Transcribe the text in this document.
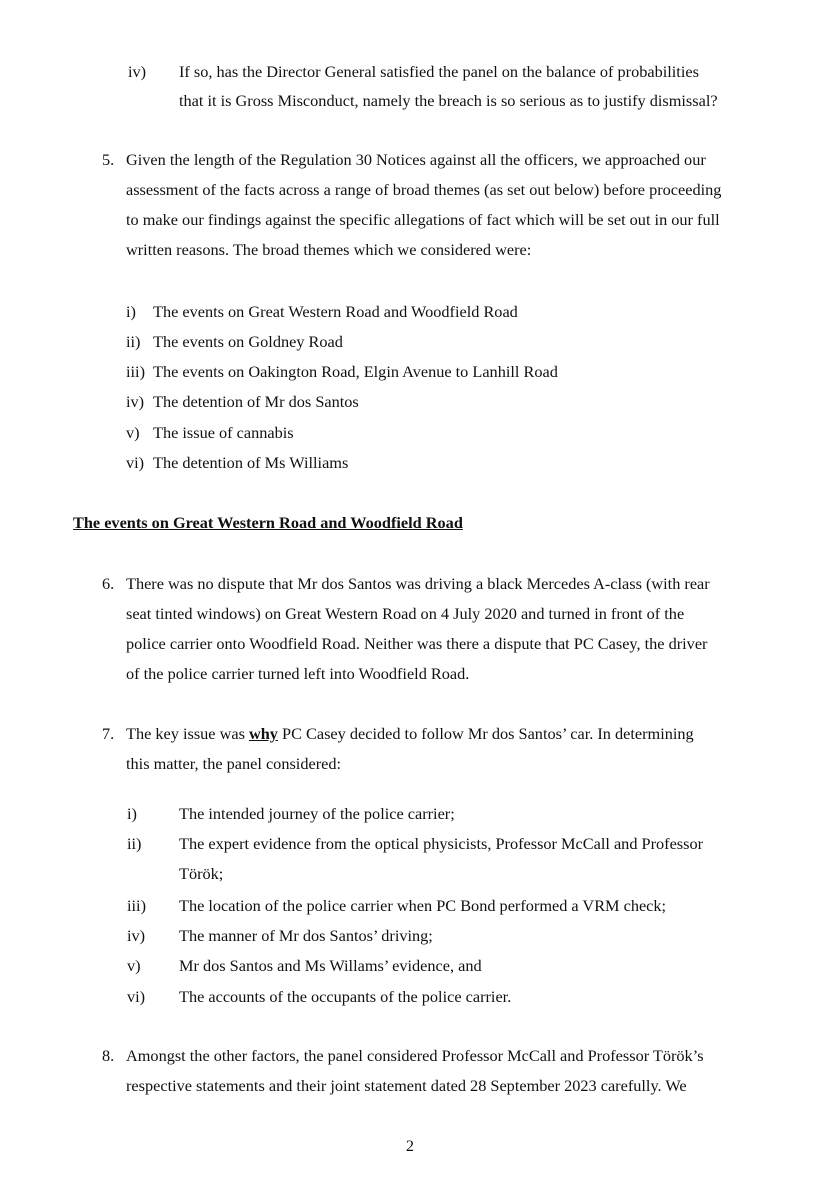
iv) If so, has the Director General satisfied the panel on the balance of probabilities
that it is Gross Misconduct, namely the breach is so serious as to justify dismissal?
5. Given the length of the Regulation 30 Notices against all the officers, we approached our
assessment of the facts across a range of broad themes (as set out below) before proceeding
to make our findings against the specific allegations of fact which will be set out in our full
written reasons. The broad themes which we considered were:
i) The events on Great Western Road and Woodfield Road
ii) The events on Goldney Road
iii) The events on Oakington Road, Elgin Avenue to Lanhill Road
iv) The detention of Mr dos Santos
v) The issue of cannabis
vi) The detention of Ms Williams
The events on Great Western Road and Woodfield Road
6. There was no dispute that Mr dos Santos was driving a black Mercedes A-class (with rear
seat tinted windows) on Great Western Road on 4 July 2020 and turned in front of the
police carrier onto Woodfield Road. Neither was there a dispute that PC Casey, the driver
of the police carrier turned left into Woodfield Road.
7. The key issue was why PC Casey decided to follow Mr dos Santos’ car. In determining
this matter, the panel considered:
i)	The intended journey of the police carrier;
ii) The expert evidence from the optical physicists, Professor McCall and Professor
Török;
iii) The location of the police carrier when PC Bond performed a VRM check;
iv) The manner of Mr dos Santos’ driving;
v) Mr dos Santos and Ms Willams’ evidence, and
vi) The accounts of the occupants of the police carrier.
8. Amongst the other factors, the panel considered Professor McCall and Professor Török’s
respective statements and their joint statement dated 28 September 2023 carefully. We
2
